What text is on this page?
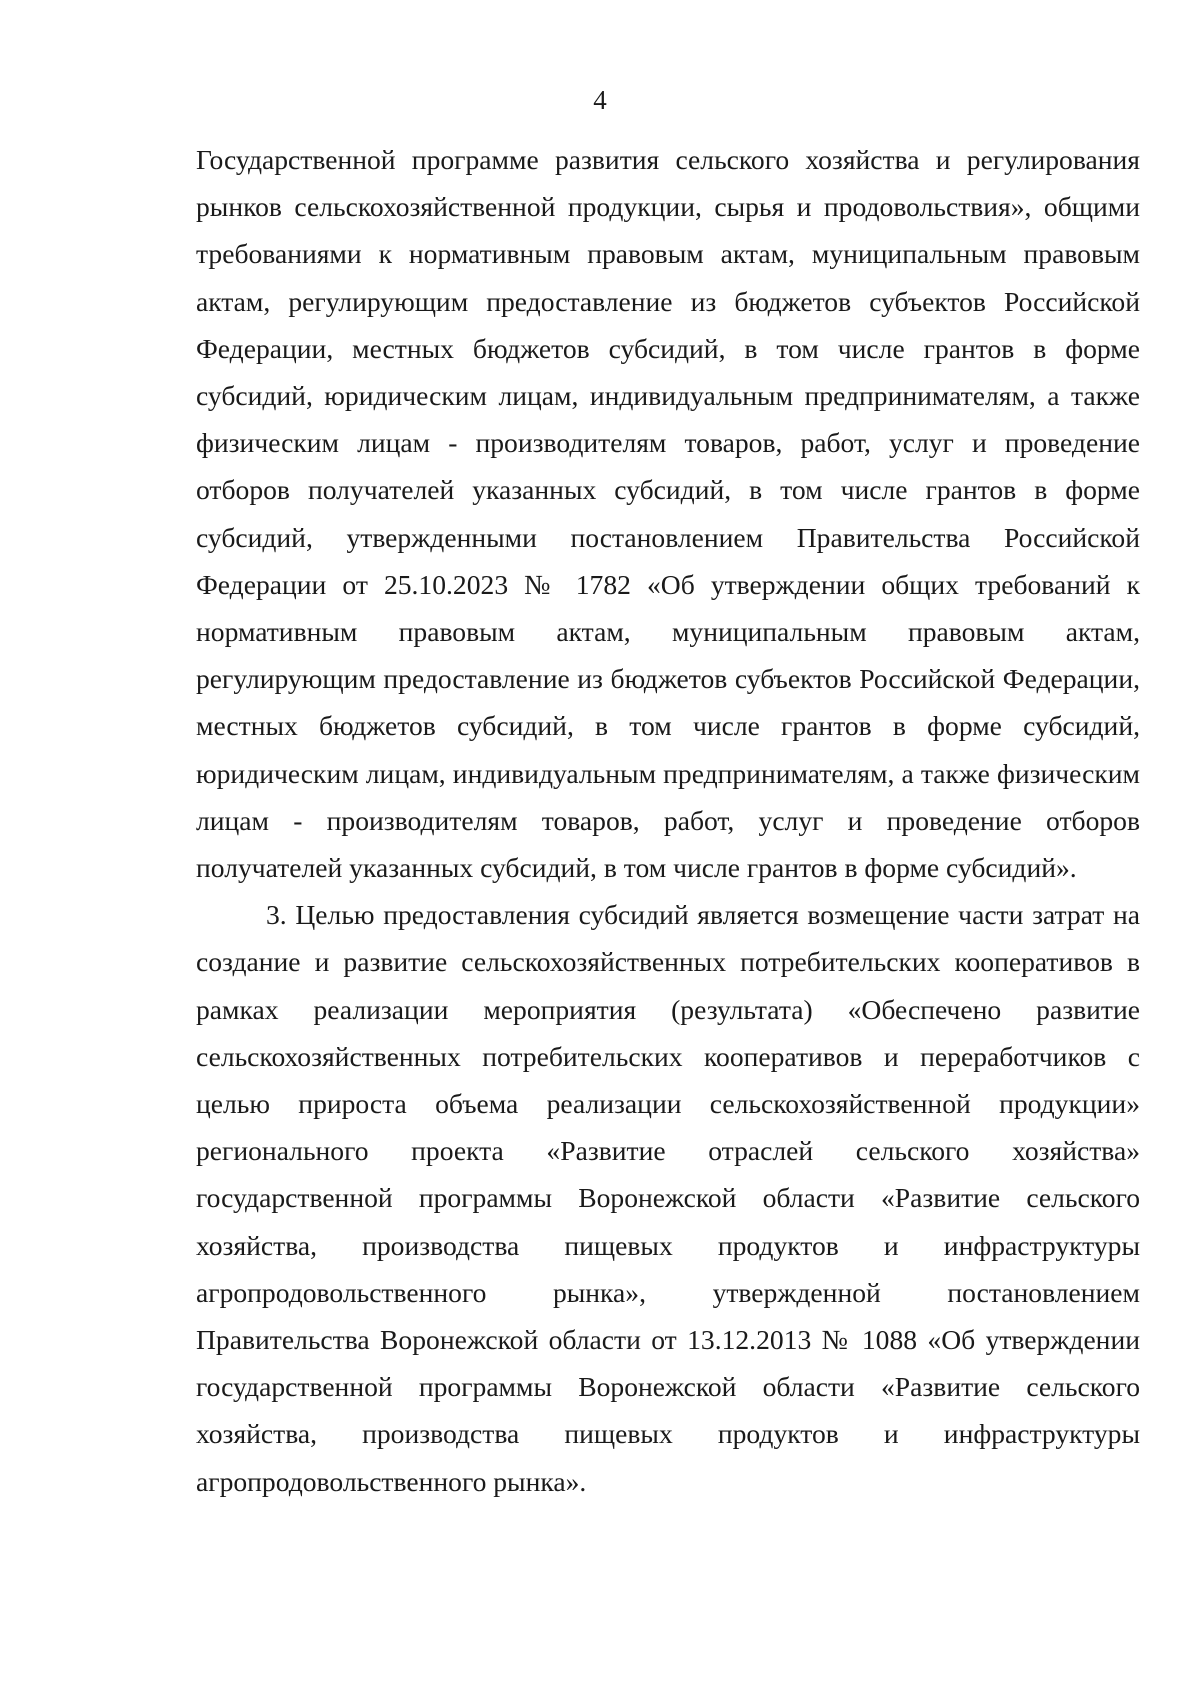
4

Государственной программе развития сельского хозяйства и регулирования рынков сельскохозяйственной продукции, сырья и продовольствия», общими требованиями к нормативным правовым актам, муниципальным правовым актам, регулирующим предоставление из бюджетов субъектов Российской Федерации, местных бюджетов субсидий, в том числе грантов в форме субсидий, юридическим лицам, индивидуальным предпринимателям, а также физическим лицам - производителям товаров, работ, услуг и проведение отборов получателей указанных субсидий, в том числе грантов в форме субсидий, утвержденными постановлением Правительства Российской Федерации от 25.10.2023 № 1782 «Об утверждении общих требований к нормативным правовым актам, муниципальным правовым актам, регулирующим предоставление из бюджетов субъектов Российской Федерации, местных бюджетов субсидий, в том числе грантов в форме субсидий, юридическим лицам, индивидуальным предпринимателям, а также физическим лицам - производителям товаров, работ, услуг и проведение отборов получателей указанных субсидий, в том числе грантов в форме субсидий».

3. Целью предоставления субсидий является возмещение части затрат на создание и развитие сельскохозяйственных потребительских кооперативов в рамках реализации мероприятия (результата) «Обеспечено развитие сельскохозяйственных потребительских кооперативов и переработчиков с целью прироста объема реализации сельскохозяйственной продукции» регионального проекта «Развитие отраслей сельского хозяйства» государственной программы Воронежской области «Развитие сельского хозяйства, производства пищевых продуктов и инфраструктуры агропродовольственного рынка», утвержденной постановлением Правительства Воронежской области от 13.12.2013 № 1088 «Об утверждении государственной программы Воронежской области «Развитие сельского хозяйства, производства пищевых продуктов и инфраструктуры агропродовольственного рынка».
